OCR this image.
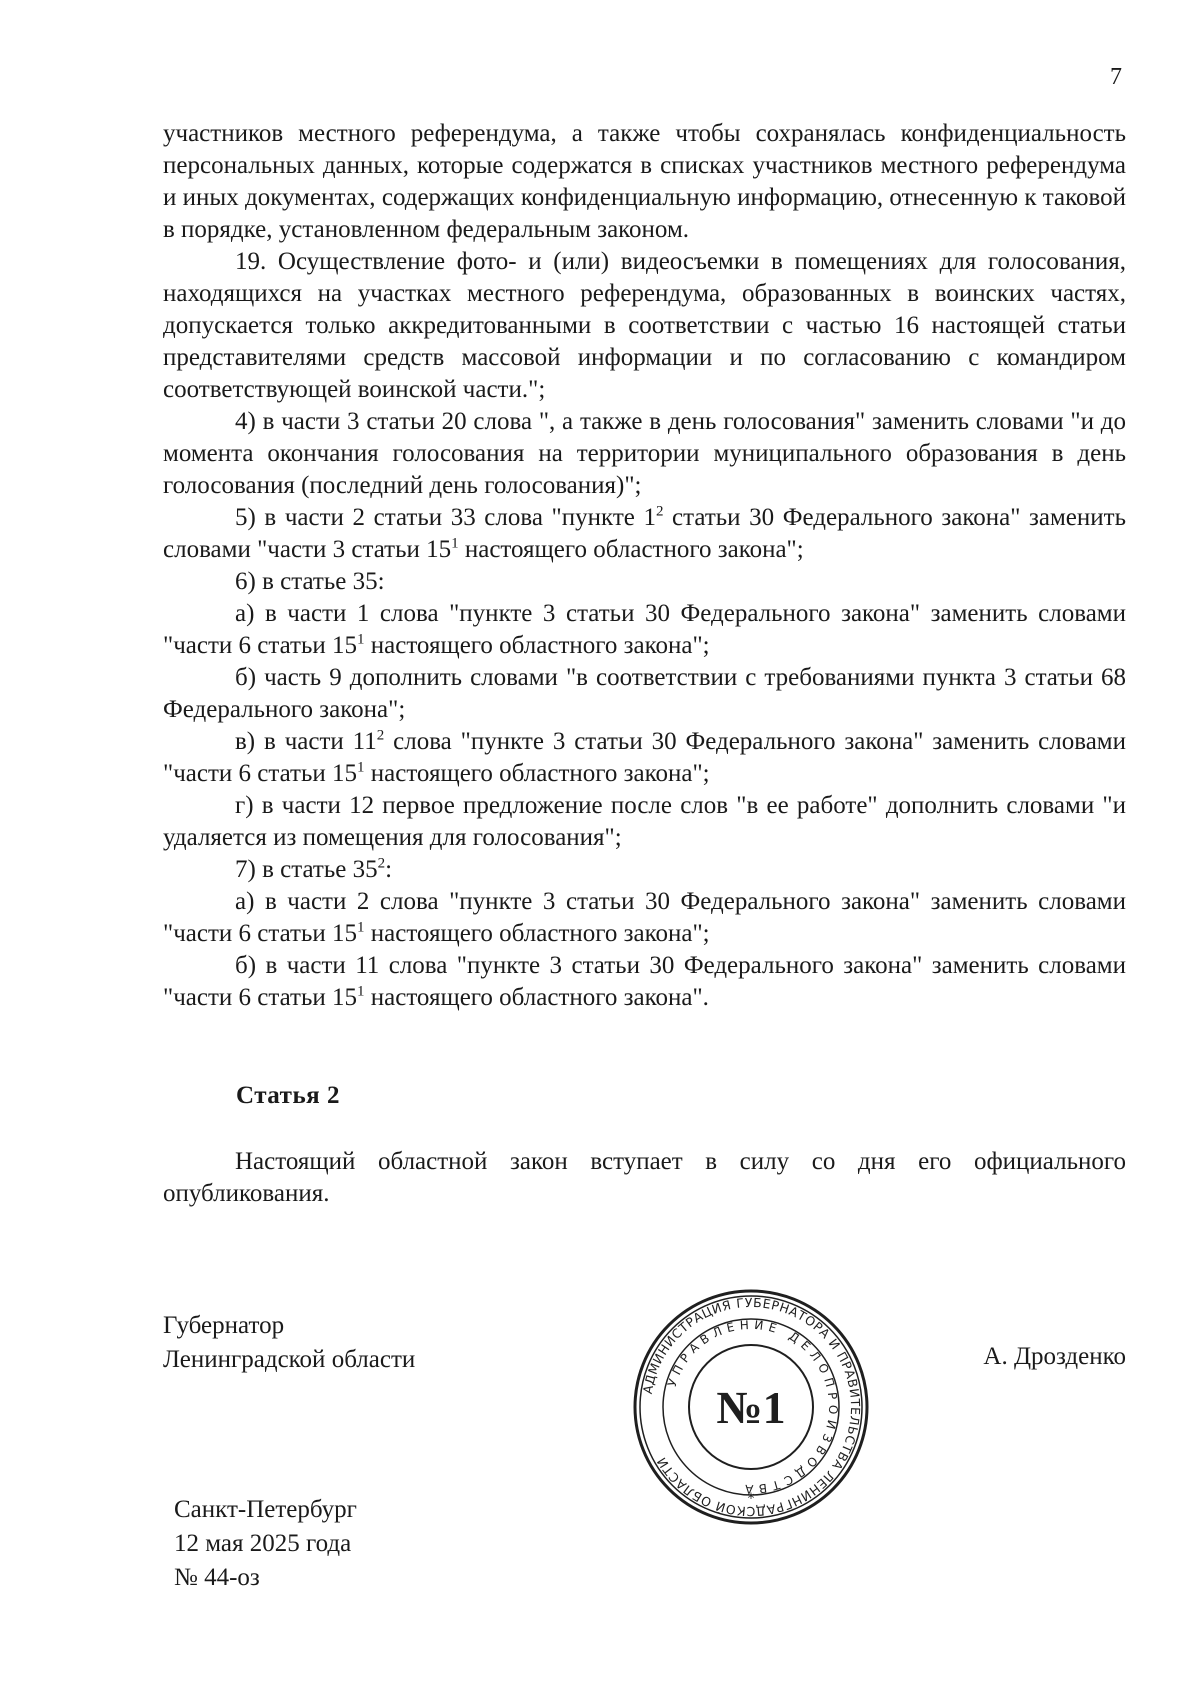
7

участников местного референдума, а также чтобы сохранялась конфиденциальность персональных данных, которые содержатся в списках участников местного референдума и иных документах, содержащих конфиденциальную информацию, отнесенную к таковой в порядке, установленном федеральным законом.

19. Осуществление фото- и (или) видеосъемки в помещениях для голосования, находящихся на участках местного референдума, образованных в воинских частях, допускается только аккредитованными в соответствии с частью 16 настоящей статьи представителями средств массовой информации и по согласованию с командиром соответствующей воинской части.";

4) в части 3 статьи 20 слова ", а также в день голосования" заменить словами "и до момента окончания голосования на территории муниципального образования в день голосования (последний день голосования)";

5) в части 2 статьи 33 слова "пункте $1^2$ статьи 30 Федерального закона" заменить словами "части 3 статьи $15^1$ настоящего областного закона";

6) в статье 35:

а) в части 1 слова "пункте 3 статьи 30 Федерального закона" заменить словами "части 6 статьи $15^1$ настоящего областного закона";

б) часть 9 дополнить словами "в соответствии с требованиями пункта 3 статьи 68 Федерального закона";

в) в части $11^2$ слова "пункте 3 статьи 30 Федерального закона" заменить словами "части 6 статьи $15^1$ настоящего областного закона";

г) в части 12 первое предложение после слов "в ее работе" дополнить словами "и удаляется из помещения для голосования";

7) в статье $35^2$:

а) в части 2 слова "пункте 3 статьи 30 Федерального закона" заменить словами "части 6 статьи $15^1$ настоящего областного закона";

б) в части 11 слова "пункте 3 статьи 30 Федерального закона" заменить словами "части 6 статьи $15^1$ настоящего областного закона".

Статья 2

Настоящий областной закон вступает в силу со дня его официального опубликования.

Губернатор
Ленинградской области
АДМИНИСТРАЦИЯ ГУБЕРНАТОРА И ПРАВИТЕЛЬСТВА ЛЕНИНГРАДСКОЙ ОБЛАСТИ
УПРАВЛЕНИЕ ДЕЛОПРОИЗВОДСТВА
№1
*
А. Дрозденко
Санкт-Петербург
12 мая 2025 года
№ 44-оз
